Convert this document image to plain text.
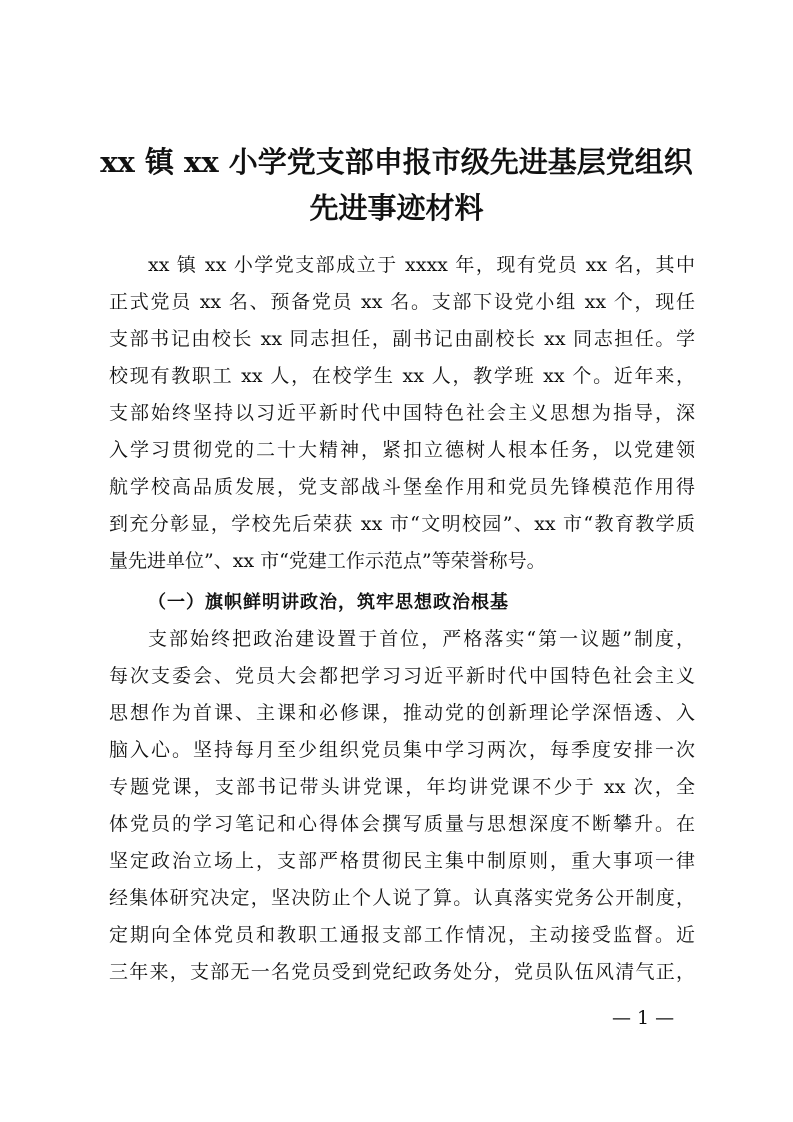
xx 镇 xx 小学党支部申报市级先进基层党组织
先进事迹材料
xx 镇 xx 小学党支部成立于 xxxx 年，现有党员 xx 名，其中
正式党员 xx 名、预备党员 xx 名。支部下设党小组 xx 个，现任
支部书记由校长 xx 同志担任，副书记由副校长 xx 同志担任。学
校现有教职工 xx 人，在校学生 xx 人，教学班 xx 个。近年来，
支部始终坚持以习近平新时代中国特色社会主义思想为指导，深
入学习贯彻党的二十大精神，紧扣立德树人根本任务，以党建领
航学校高品质发展，党支部战斗堡垒作用和党员先锋模范作用得
到充分彰显，学校先后荣获 xx 市“文明校园”、xx 市“教育教学质
量先进单位”、xx 市“党建工作示范点”等荣誉称号。
（一）旗帜鲜明讲政治，筑牢思想政治根基
支部始终把政治建设置于首位，严格落实“第一议题”制度，
每次支委会、党员大会都把学习习近平新时代中国特色社会主义
思想作为首课、主课和必修课，推动党的创新理论学深悟透、入
脑入心。坚持每月至少组织党员集中学习两次，每季度安排一次
专题党课，支部书记带头讲党课，年均讲党课不少于 xx 次，全
体党员的学习笔记和心得体会撰写质量与思想深度不断攀升。在
坚定政治立场上，支部严格贯彻民主集中制原则，重大事项一律
经集体研究决定，坚决防止个人说了算。认真落实党务公开制度，
定期向全体党员和教职工通报支部工作情况，主动接受监督。近
三年来，支部无一名党员受到党纪政务处分，党员队伍风清气正，
— 1 —
